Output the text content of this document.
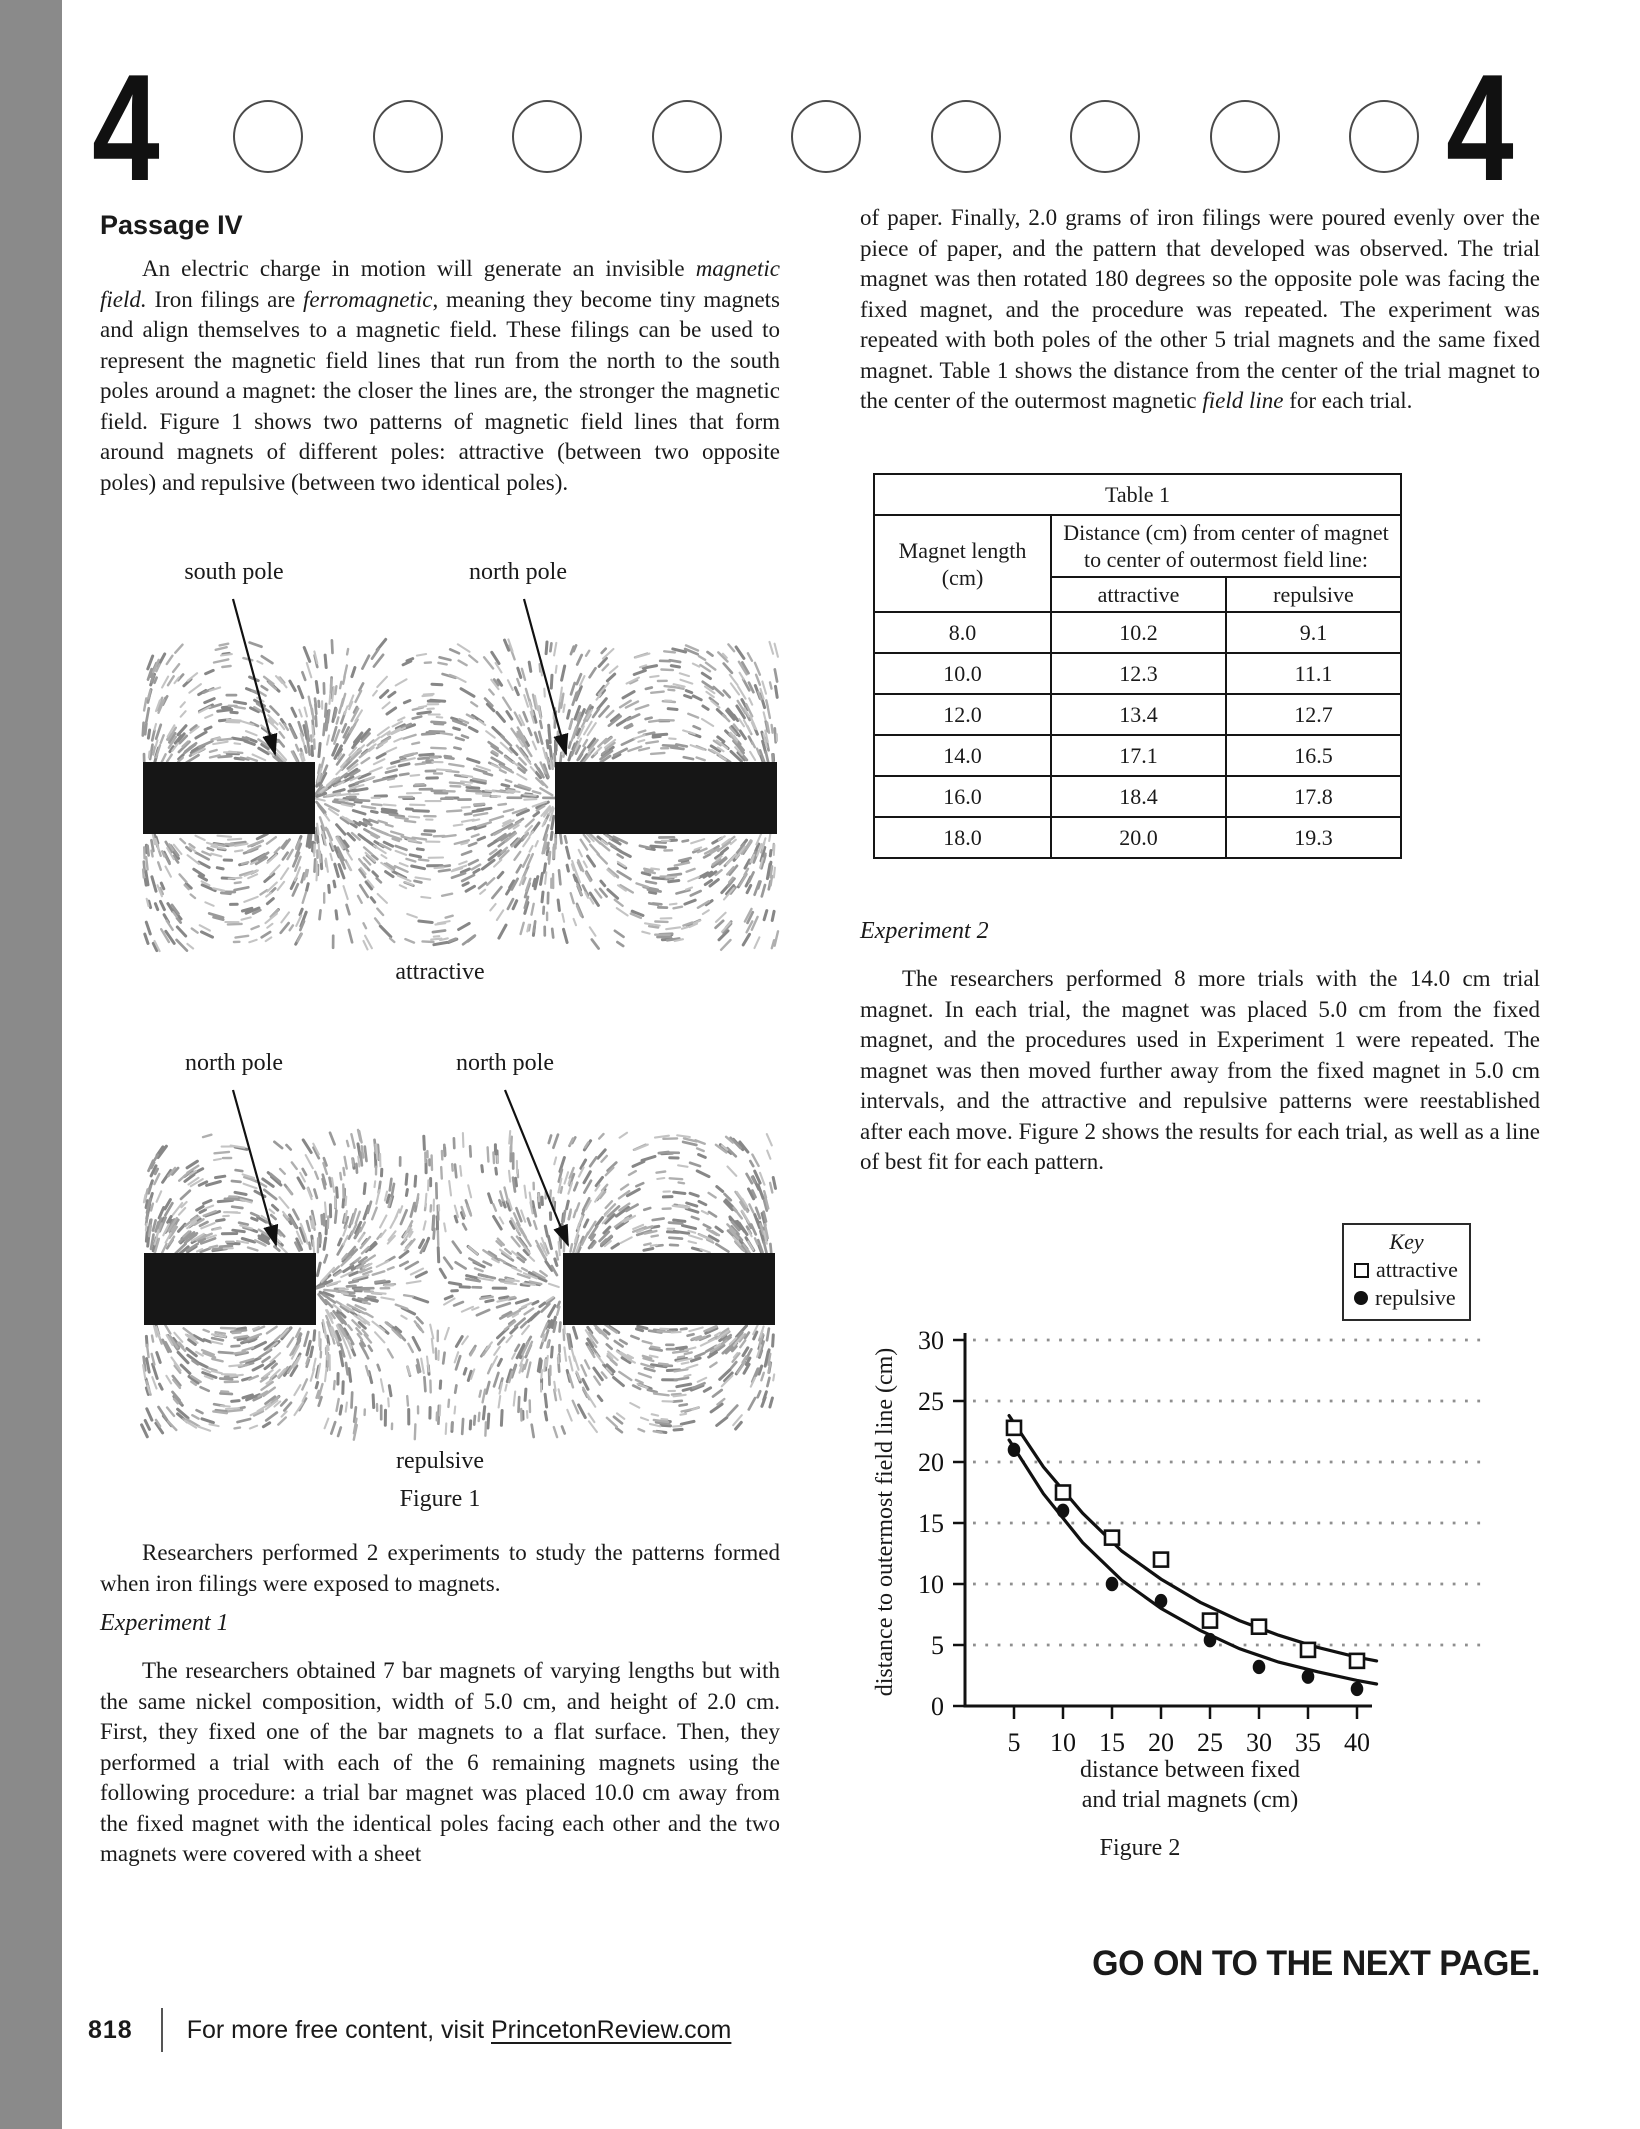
4	4
Passage IV

An electric charge in motion will generate an invisible magnetic field. Iron filings are ferromagnetic, meaning they become tiny magnets and align themselves to a magnetic field. These filings can be used to represent the magnetic field lines that run from the north to the south poles around a magnet: the closer the lines are, the stronger the magnetic field. Figure 1 shows two patterns of magnetic field lines that form around magnets of different poles: attractive (between two opposite poles) and repulsive (between two identical poles).

south pole	north pole
attractive
north pole	north pole
repulsive
Figure 1

Researchers performed 2 experiments to study the patterns formed when iron filings were exposed to magnets.

Experiment 1

The researchers obtained 7 bar magnets of varying lengths but with the same nickel composition, width of 5.0 cm, and height of 2.0 cm. First, they fixed one of the bar magnets to a flat surface. Then, they performed a trial with each of the 6 remaining magnets using the following procedure: a trial bar magnet was placed 10.0 cm away from the fixed magnet with the identical poles facing each other and the two magnets were covered with a sheet

of paper. Finally, 2.0 grams of iron filings were poured evenly over the piece of paper, and the pattern that developed was observed. The trial magnet was then rotated 180 degrees so the opposite pole was facing the fixed magnet, and the procedure was repeated. The experiment was repeated with both poles of the other 5 trial magnets and the same fixed magnet. Table 1 shows the distance from the center of the trial magnet to the center of the outermost magnetic field line for each trial.

Table 1		
Magnet length
(cm)	Distance (cm) from center of magnet
to center of outermost field line:	
	attractive	repulsive
8.0	10.2	9.1
10.0	12.3	11.1
12.0	13.4	12.7
14.0	17.1	16.5
16.0	18.4	17.8
18.0	20.0	19.3
Experiment 2

The researchers performed 8 more trials with the 14.0 cm trial magnet. In each trial, the magnet was placed 5.0 cm from the fixed magnet, and the procedures used in Experiment 1 were repeated. The magnet was then moved further away from the fixed magnet in 5.0 cm intervals, and the attractive and repulsive patterns were reestablished after each move. Figure 2 shows the results for each trial, as well as a line of best fit for each pattern.

0
5
10
15
20
25
30
5 10 15 20 25 30 35 40
Key
attractive
repulsive
distance to outermost field line (cm)
distance between fixed
and trial magnets (cm)
Figure 2
GO ON TO THE NEXT PAGE.
818 For more free content, visit
PrincetonReview.com
